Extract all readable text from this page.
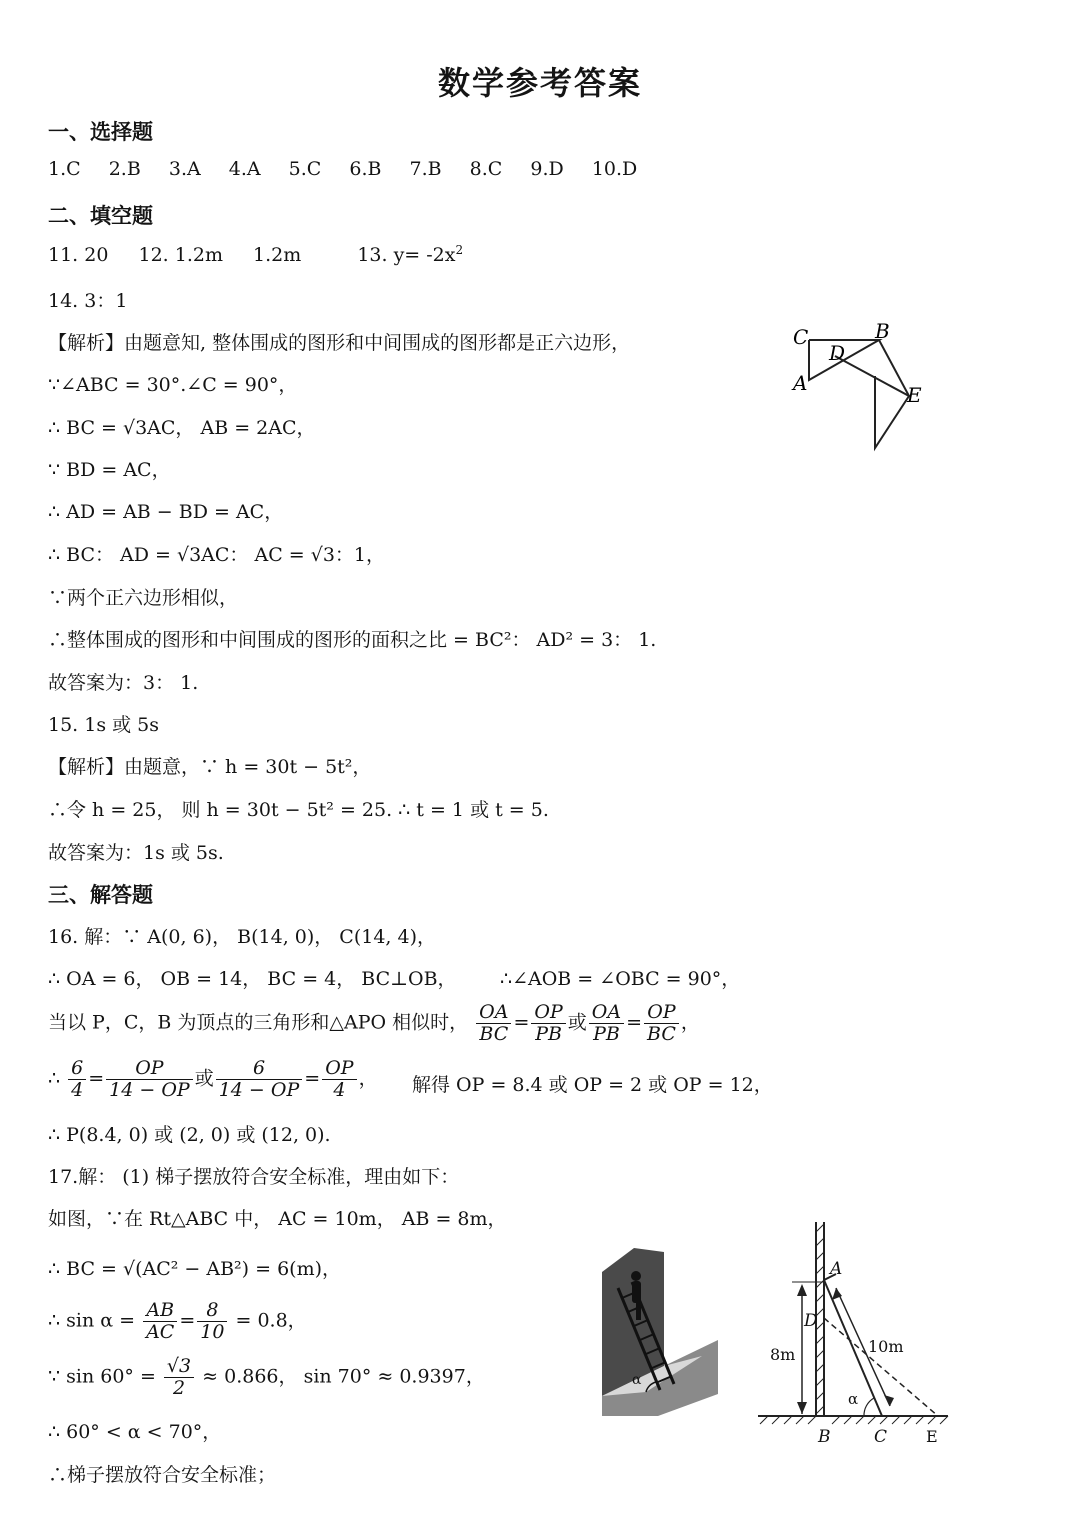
数学参考答案
一、选择题
1.C 2.B 3.A 4.A 5.C 6.B 7.B 8.C 9.D 10.D
二、填空题
11. 20 12. 1.2m 1.2m	13. $y= -2x^2$
14. 3：1
【解析】由题意知, 整体围成的图形和中间围成的图形都是正六边形，
∵∠ABC = 30°.∠C = 90°，
∴ BC = √3AC， AB = 2AC，
∵ BD = AC，
∴ AD = AB − BD = AC，
∴ BC： AD = √3AC： AC = √3：1，
∵两个正六边形相似，
∴整体围成的图形和中间围成的图形的面积之比 = BC²： AD² = 3： 1.
故答案为：3： 1.
C	B
D
A	E
15. 1s 或 5s
【解析】由题意，∵ h = 30t − 5t²，
∴令 h = 25， 则 h = 30t − 5t² = 25. ∴ t = 1 或 t = 5.
故答案为：1s 或 5s.
三、解答题
16. 解：∵ A(0, 6)， B(14, 0)， C(14, 4)，
∴ OA = 6， OB = 14， BC = 4， BC⊥OB， ∴∠AOB = ∠OBC = 90°，
当以 P，C，B 为顶点的三角形和△APO 相似时， $\frac{OA}{BC} = \frac{OP}{PB}$ 或 $\frac{OA}{PB} = \frac{OP}{BC}$ ，
∴ $\frac{6}{4} = \frac{OP}{14 - OP}$ 或 $\frac{6}{14 - OP} = \frac{OP}{4}$ ， 解得 OP = 8.4 或 OP = 2 或 OP = 12，
∴ P(8.4, 0) 或 (2, 0) 或 (12, 0).
17.解： (1) 梯子摆放符合安全标准，理由如下：
如图，∵在 Rt△ABC 中， AC = 10m， AB = 8m，
∴ BC = √(AC² − AB²) = 6(m)，
∴ $\sin \alpha = \frac{AB}{AC} = \frac{8}{10} = 0.8$，
∵ $\sin 60^\circ = \frac{√3}{2} \approx 0.866$， sin 70° ≈ 0.9397，
∴ 60° < α < 70°，
∴梯子摆放符合安全标准；
α
A
D
B	C E
8m	10m
α
